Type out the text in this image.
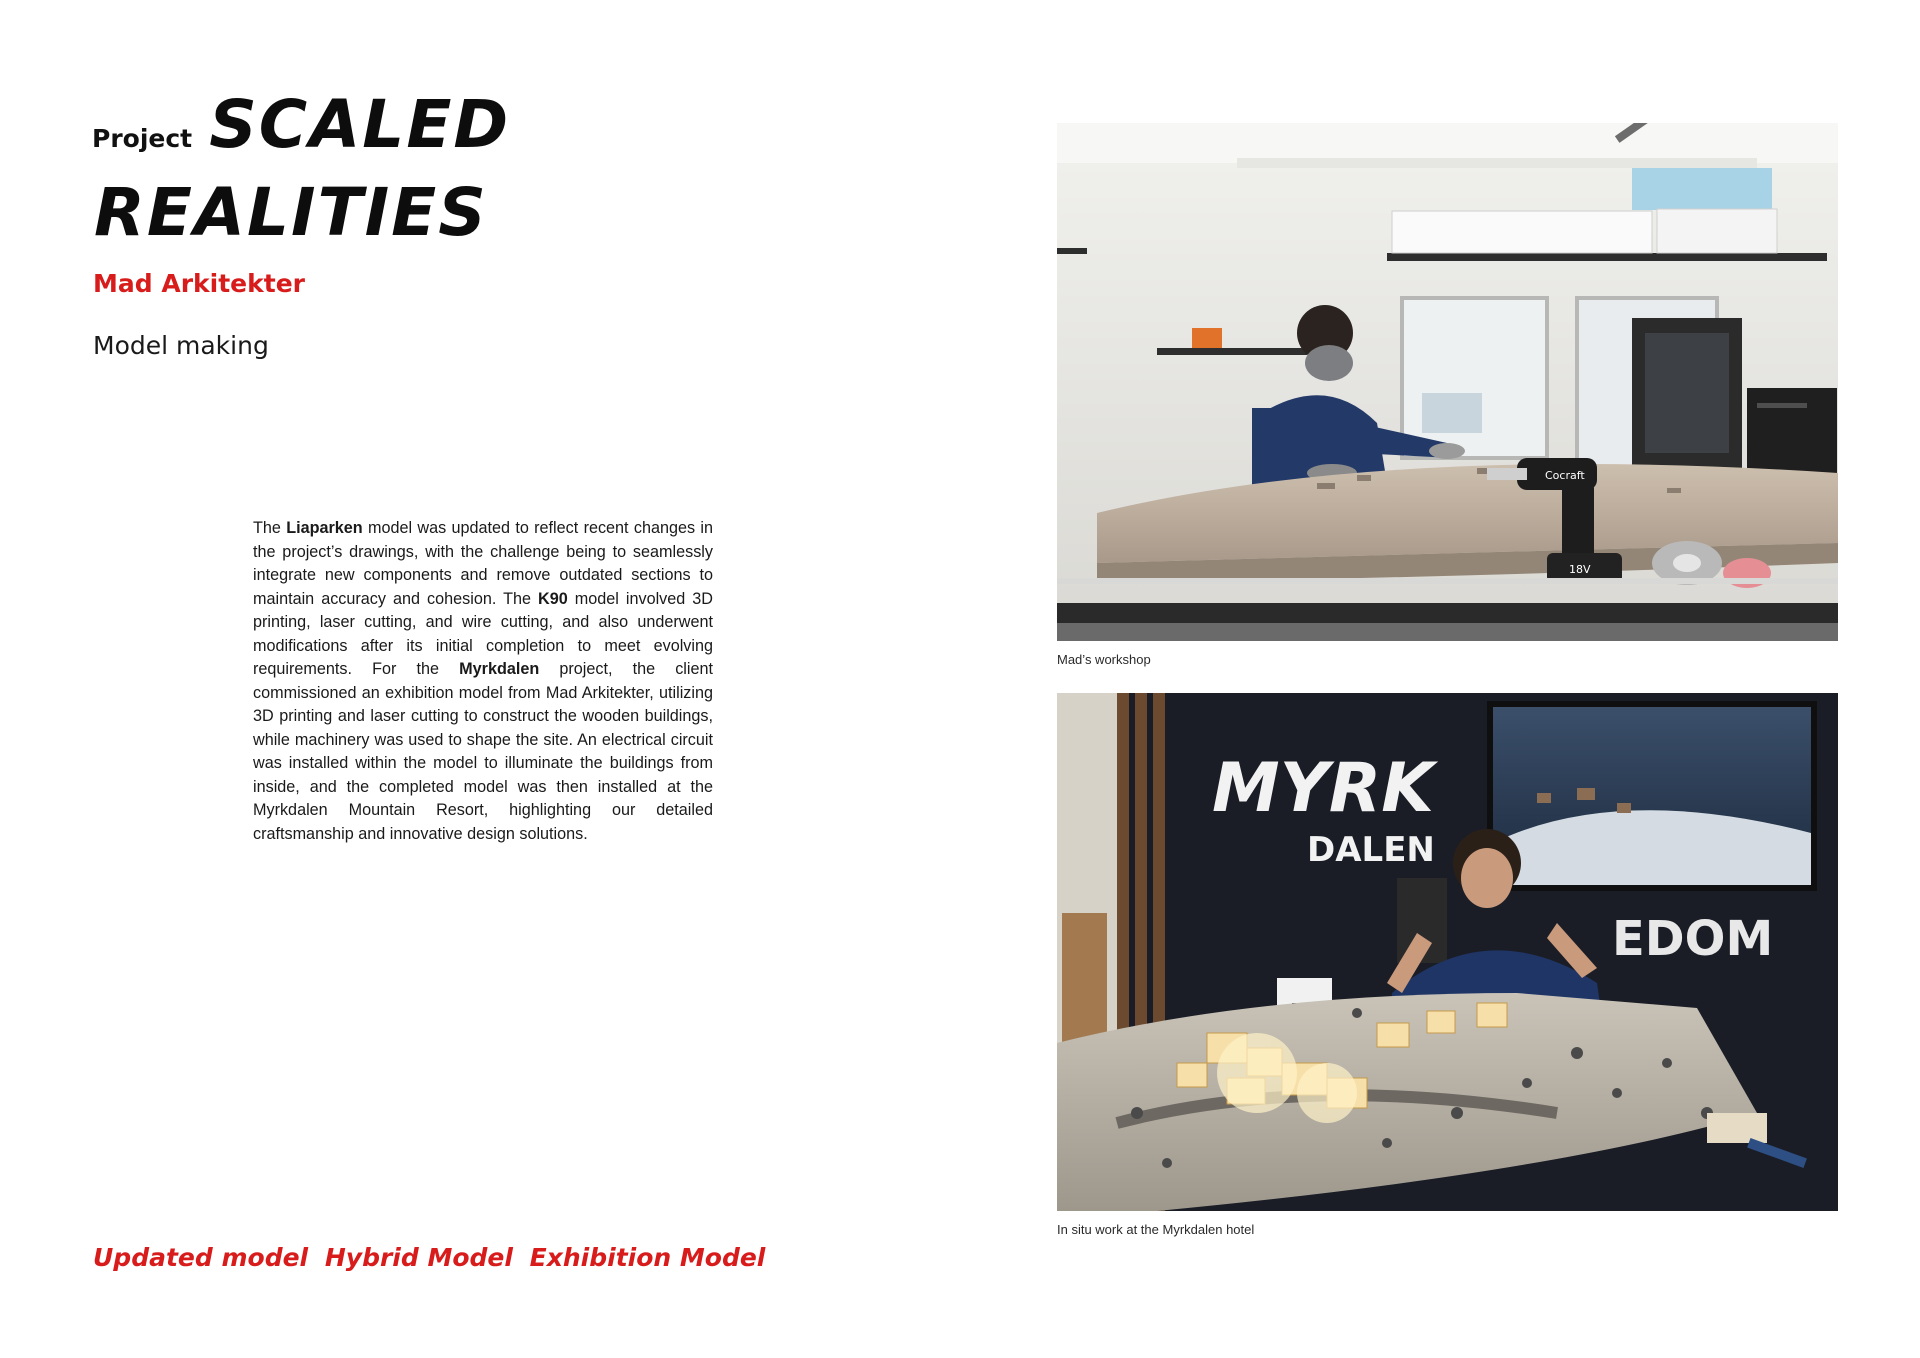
Project SCALED
REALITIES
Mad Arkitekter
Model making
The Liaparken model was updated to reflect recent changes in the project’s drawings, with the challenge being to seamlessly integrate new components and remove outdated sections to maintain accuracy and cohesion. The K90 model involved 3D printing, laser cutting, and wire cutting, and also underwent modifications after its initial completion to meet evolving requirements. For the Myrkdalen project, the client commissioned an exhibition model from Mad Arkitekter, utilizing 3D printing and laser cutting to construct the wooden buildings, while machinery was used to shape the site. An electrical circuit was installed within the model to illuminate the buildings from inside, and the completed model was then installed at the Myrkdalen Mountain Resort, highlighting our detailed craftsmanship and innovative design solutions.
Updated model Hybrid Model Exhibition Model
Cocraft
18V
Mad’s workshop
MYRK
DALEN
EDOM
In situ work at the Myrkdalen hotel
